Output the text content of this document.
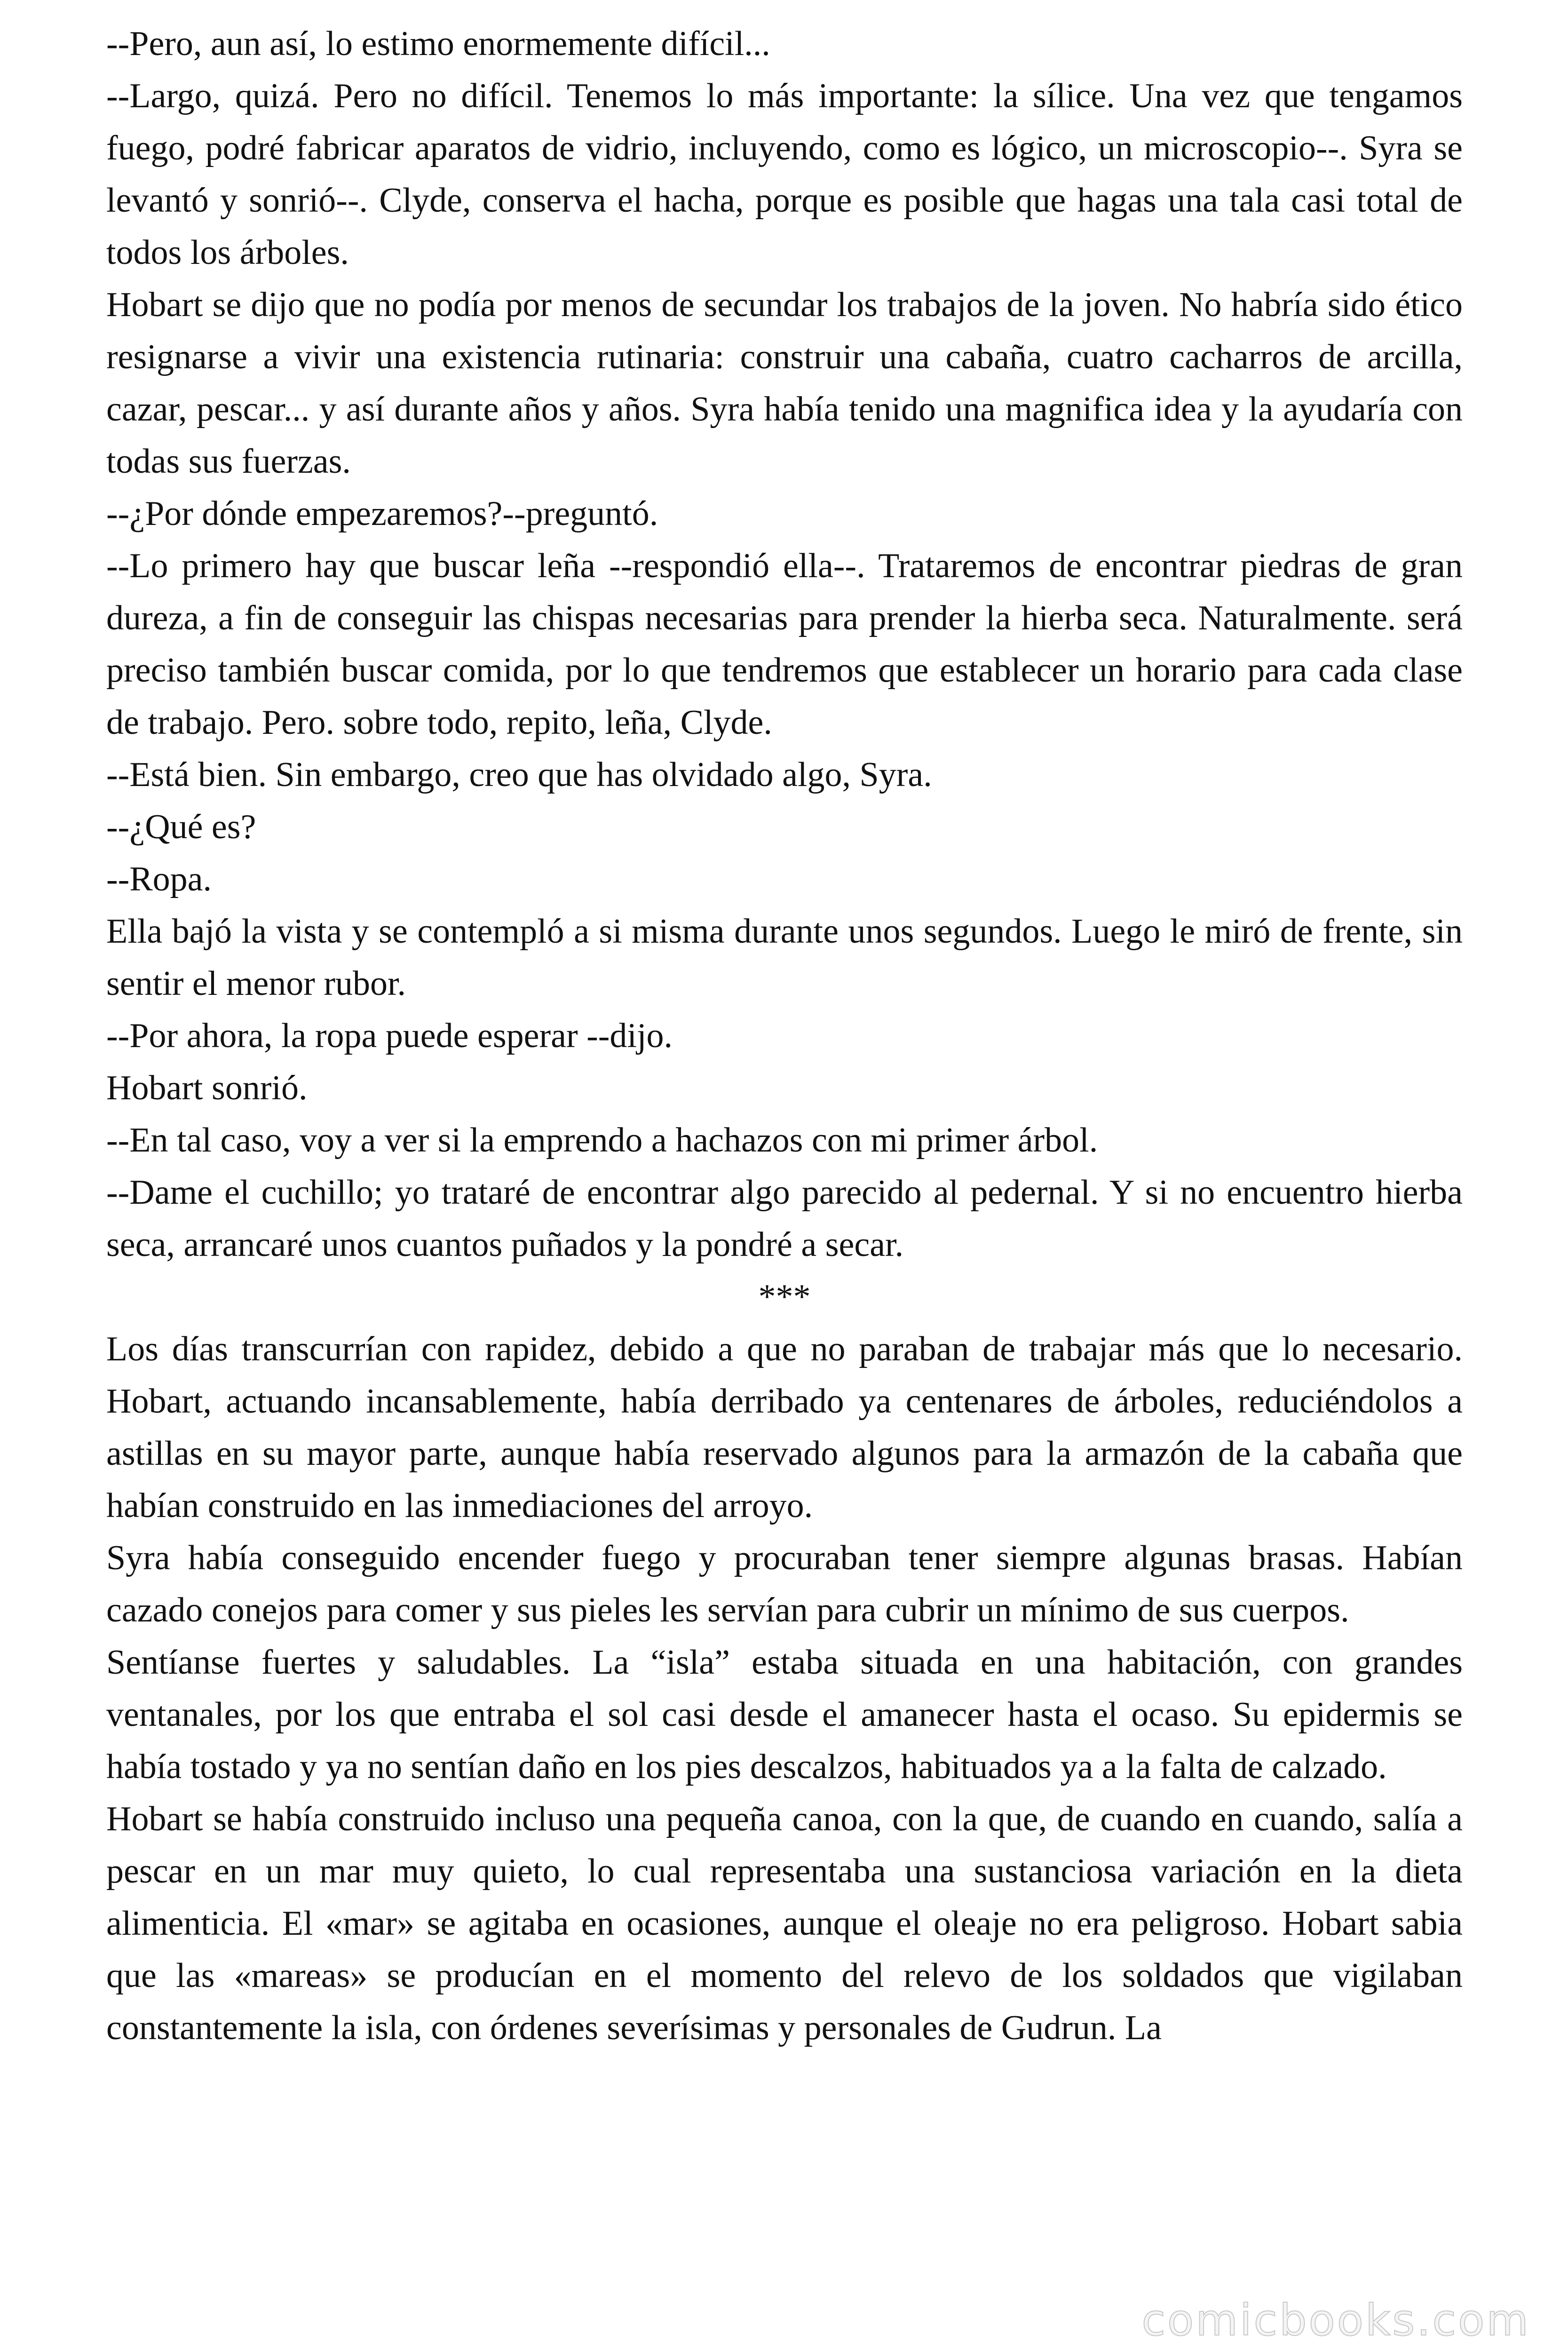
--Pero, aun así, lo estimo enormemente difícil...

--Largo, quizá. Pero no difícil. Tenemos lo más importante: la sílice. Una vez que tengamos fuego, podré fabricar aparatos de vidrio, incluyendo, como es lógico, un microscopio--. Syra se levantó y sonrió--. Clyde, conserva el hacha, porque es posible que hagas una tala casi total de todos los árboles.

Hobart se dijo que no podía por menos de secundar los trabajos de la joven. No habría sido ético resignarse a vivir una existencia rutinaria: construir una cabaña, cuatro cacharros de arcilla, cazar, pescar... y así durante años y años. Syra había tenido una magnifica idea y la ayudaría con todas sus fuerzas.

--¿Por dónde empezaremos?--preguntó.

--Lo primero hay que buscar leña --respondió ella--. Trataremos de encontrar piedras de gran dureza, a fin de conseguir las chispas necesarias para prender la hierba seca. Naturalmente. será preciso también buscar comida, por lo que tendremos que establecer un horario para cada clase de trabajo. Pero. sobre todo, repito, leña, Clyde.

--Está bien. Sin embargo, creo que has olvidado algo, Syra.

--¿Qué es?

--Ropa.

Ella bajó la vista y se contempló a si misma durante unos segundos. Luego le miró de frente, sin sentir el menor rubor.

--Por ahora, la ropa puede esperar --dijo.

Hobart sonrió.

--En tal caso, voy a ver si la emprendo a hachazos con mi primer árbol.

--Dame el cuchillo; yo trataré de encontrar algo parecido al pedernal. Y si no encuentro hierba seca, arrancaré unos cuantos puñados y la pondré a secar.

***

Los días transcurrían con rapidez, debido a que no paraban de trabajar más que lo necesario. Hobart, actuando incansablemente, había derribado ya centenares de árboles, reduciéndolos a astillas en su mayor parte, aunque había reservado algunos para la armazón de la cabaña que habían construido en las inmediaciones del arroyo.

Syra había conseguido encender fuego y procuraban tener siempre algunas brasas. Habían cazado conejos para comer y sus pieles les servían para cubrir un mínimo de sus cuerpos.

Sentíanse fuertes y saludables. La “isla” estaba situada en una habitación, con grandes ventanales, por los que entraba el sol casi desde el amanecer hasta el ocaso. Su epidermis se había tostado y ya no sentían daño en los pies descalzos, habituados ya a la falta de calzado.

Hobart se había construido incluso una pequeña canoa, con la que, de cuando en cuando, salía a pescar en un mar muy quieto, lo cual representaba una sustanciosa variación en la dieta alimenticia. El «mar» se agitaba en ocasiones, aunque el oleaje no era peligroso. Hobart sabia que las «mareas» se producían en el momento del relevo de los soldados que vigilaban constantemente la isla, con órdenes severísimas y personales de Gudrun. La

comicbooks.com
